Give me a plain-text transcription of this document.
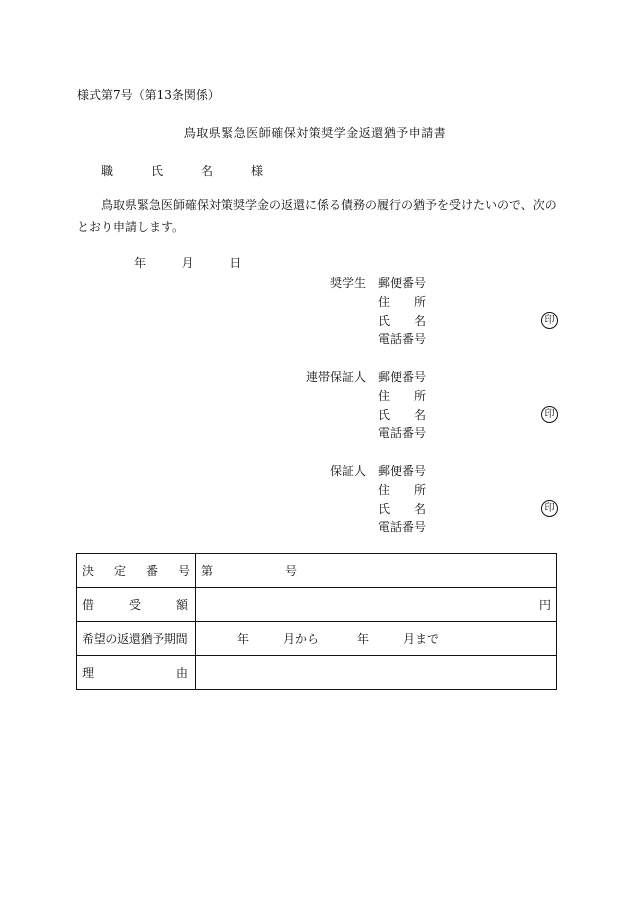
様式第7号（第13条関係）
鳥取県緊急医師確保対策奨学金返還猶予申請書
職　氏　名　様
鳥取県緊急医師確保対策奨学金の返還に係る債務の履行の猶予を受けたいので、次のとおり申請します。
年	月	日
奨学生 郵便番号
住　　所
氏　　名	印
電話番号
連帯保証人 郵便番号
住　　所
氏　　名	印
電話番号
保証人 郵便番号
住　　所
氏　　名	印
電話番号
決 定 番 号	第 号

借 受 額	円
希望の返還猶予期間	年 月から 年 月まで

理 由	
